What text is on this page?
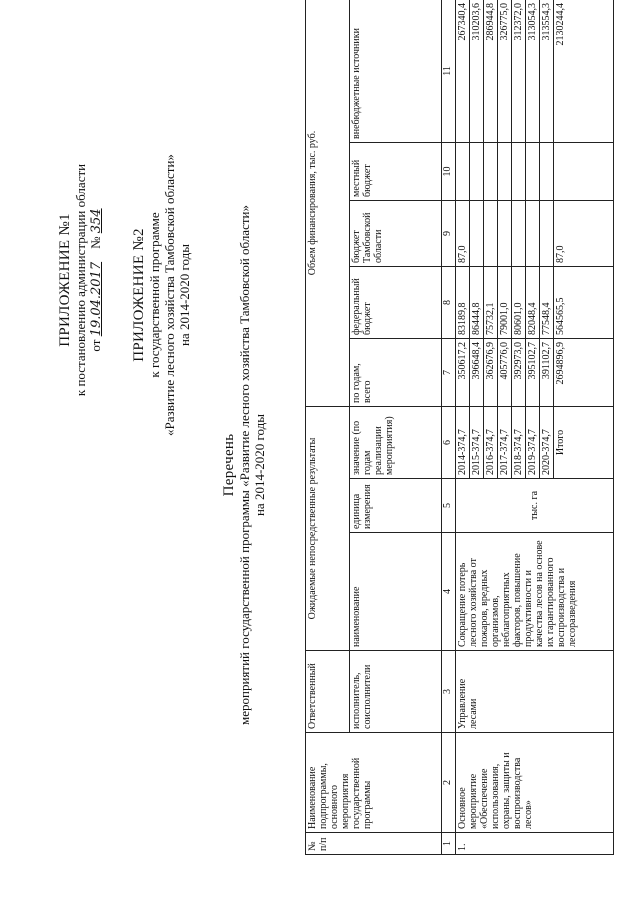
ПРИЛОЖЕНИЕ №1 к постановлению администрации области от 19.04.2017    № 354
ПРИЛОЖЕНИЕ №2 к государственной программе «Развитие лесного хозяйства Тамбовской области» на 2014-2020 годы
Перечень мероприятий государственной программы «Развитие лесного хозяйства Тамбовской области» на 2014-2020 годы
№ п/п	Наименование подпрограммы, основного мероприятия государственной программы	Ответственный	Ожидаемые непосредственные результаты			Объем финансирования, тыс. руб.				
		исполнитель, соисполнители	наименование	единица измерения	значение (по годам реализации мероприятия)	по годам, всего	федеральный бюджет	бюджет Тамбовской области	местный бюджет	внебюджетные источники
1	2	3	4	5	6	7	8	9	10	11
1.	Основное мероприятие «Обеспечение использования, охраны, защиты и воспроизводства лесов»	Управление лесами	Сокращение потерь лесного хозяйства от пожаров, вредных организмов, неблагоприятных факторов, повышение продуктивности и качества лесов на основе их гарантированного воспроизводства и лесоразведения	тыс. га	2014-374,7	350617,2	83189,8	87,0		267340,4
					2015-374,7	396648,4	86444,8			310203,6
					2016-374,7	362676,9	75732,1			286944,8
					2017-374,7	405776,0	79001,0			326775,0
					2018-374,7	392973,0	80601,0			312372,0
					2019-374,7	395102,7	82048,4			313054,3
					2020-374,7	391102,7	77548,4			313554,3
					Итого	2694896,9	564565,5	87,0		2130244,4
